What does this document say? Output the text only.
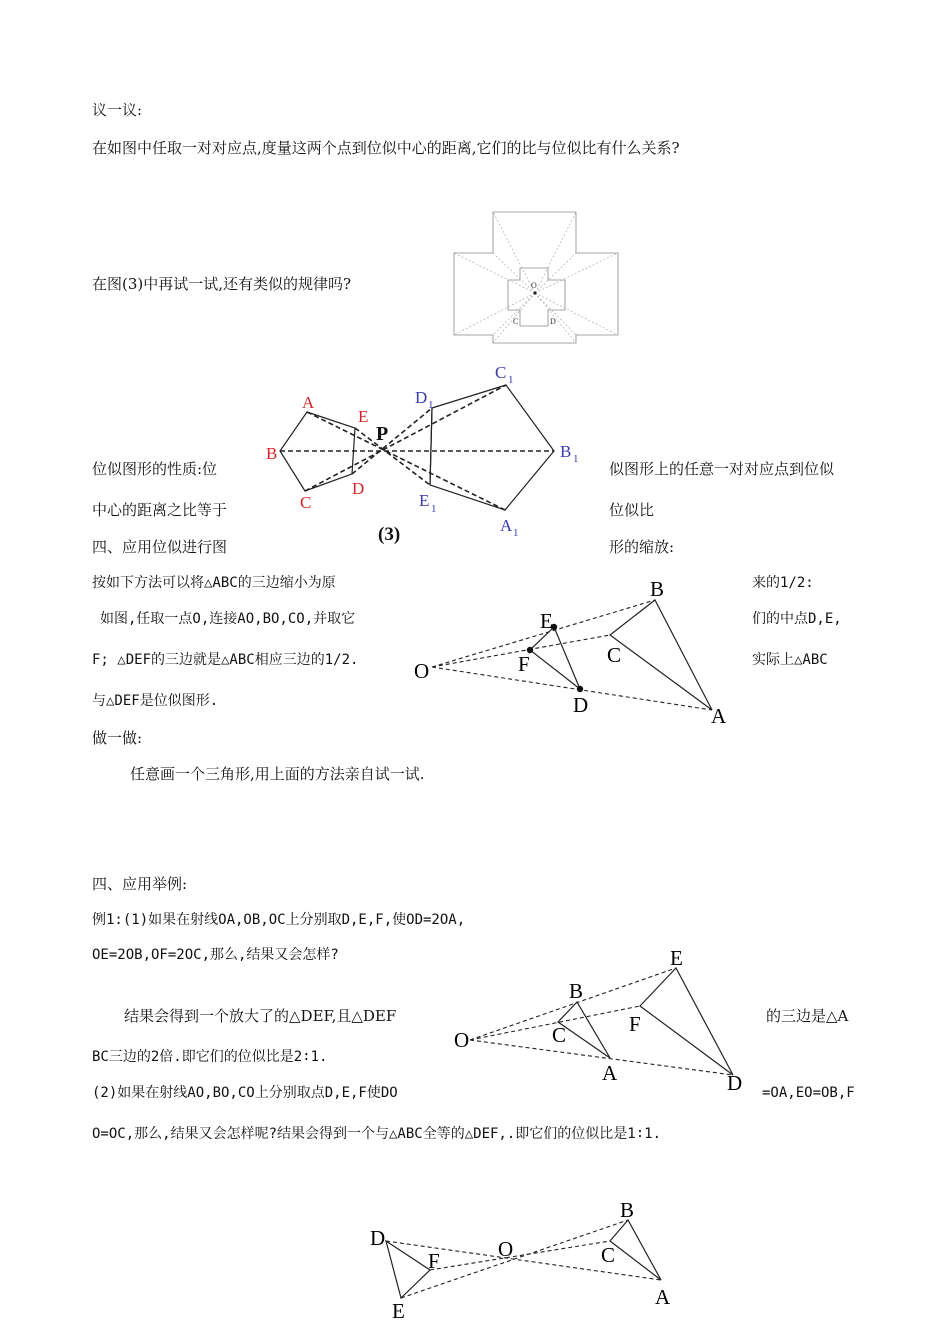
议一议:
在如图中任取一对对应点,度量这两个点到位似中心的距离,它们的比与位似比有什么关系?
在图(3)中再试一试,还有类似的规律吗?	O
C	D
A
E
B
C
D
P
D 1
C 1
B 1
E 1
A 1
(3)
位似图形的性质:位	似图形上的任意一对对应点到位似
中心的距离之比等于	位似比
四、应用位似进行图	形的缩放:
按如下方法可以将△ABC的三边缩小为原	来的1/2:
如图,任取一点O,连接AO,BO,CO,并取它	们的中点D,E,
F; △DEF的三边就是△ABC相应三边的1/2.	实际上△ABC
与△DEF是位似图形.
B
E
C
F
O
D	A
做一做:
任意画一个三角形,用上面的方法亲自试一试.
四、应用举例:
例1:(1)如果在射线OA,OB,OC上分别取D,E,F,使OD=2OA,
OE=2OB,OF=2OC,那么,结果又会怎样?
结果会得到一个放大了的△DEF,且△DEF	的三边是△A
BC三边的2倍.即它们的位似比是2∶1.
(2)如果在射线AO,BO,CO上分别取点D,E,F使DO	=OA,EO=OB,F
O=OC,那么,结果又会怎样呢?结果会得到一个与△ABC全等的△DEF,.即它们的位似比是1∶1.
E
B
F
C
O
A	D
B
D	O	C
F
A
E
